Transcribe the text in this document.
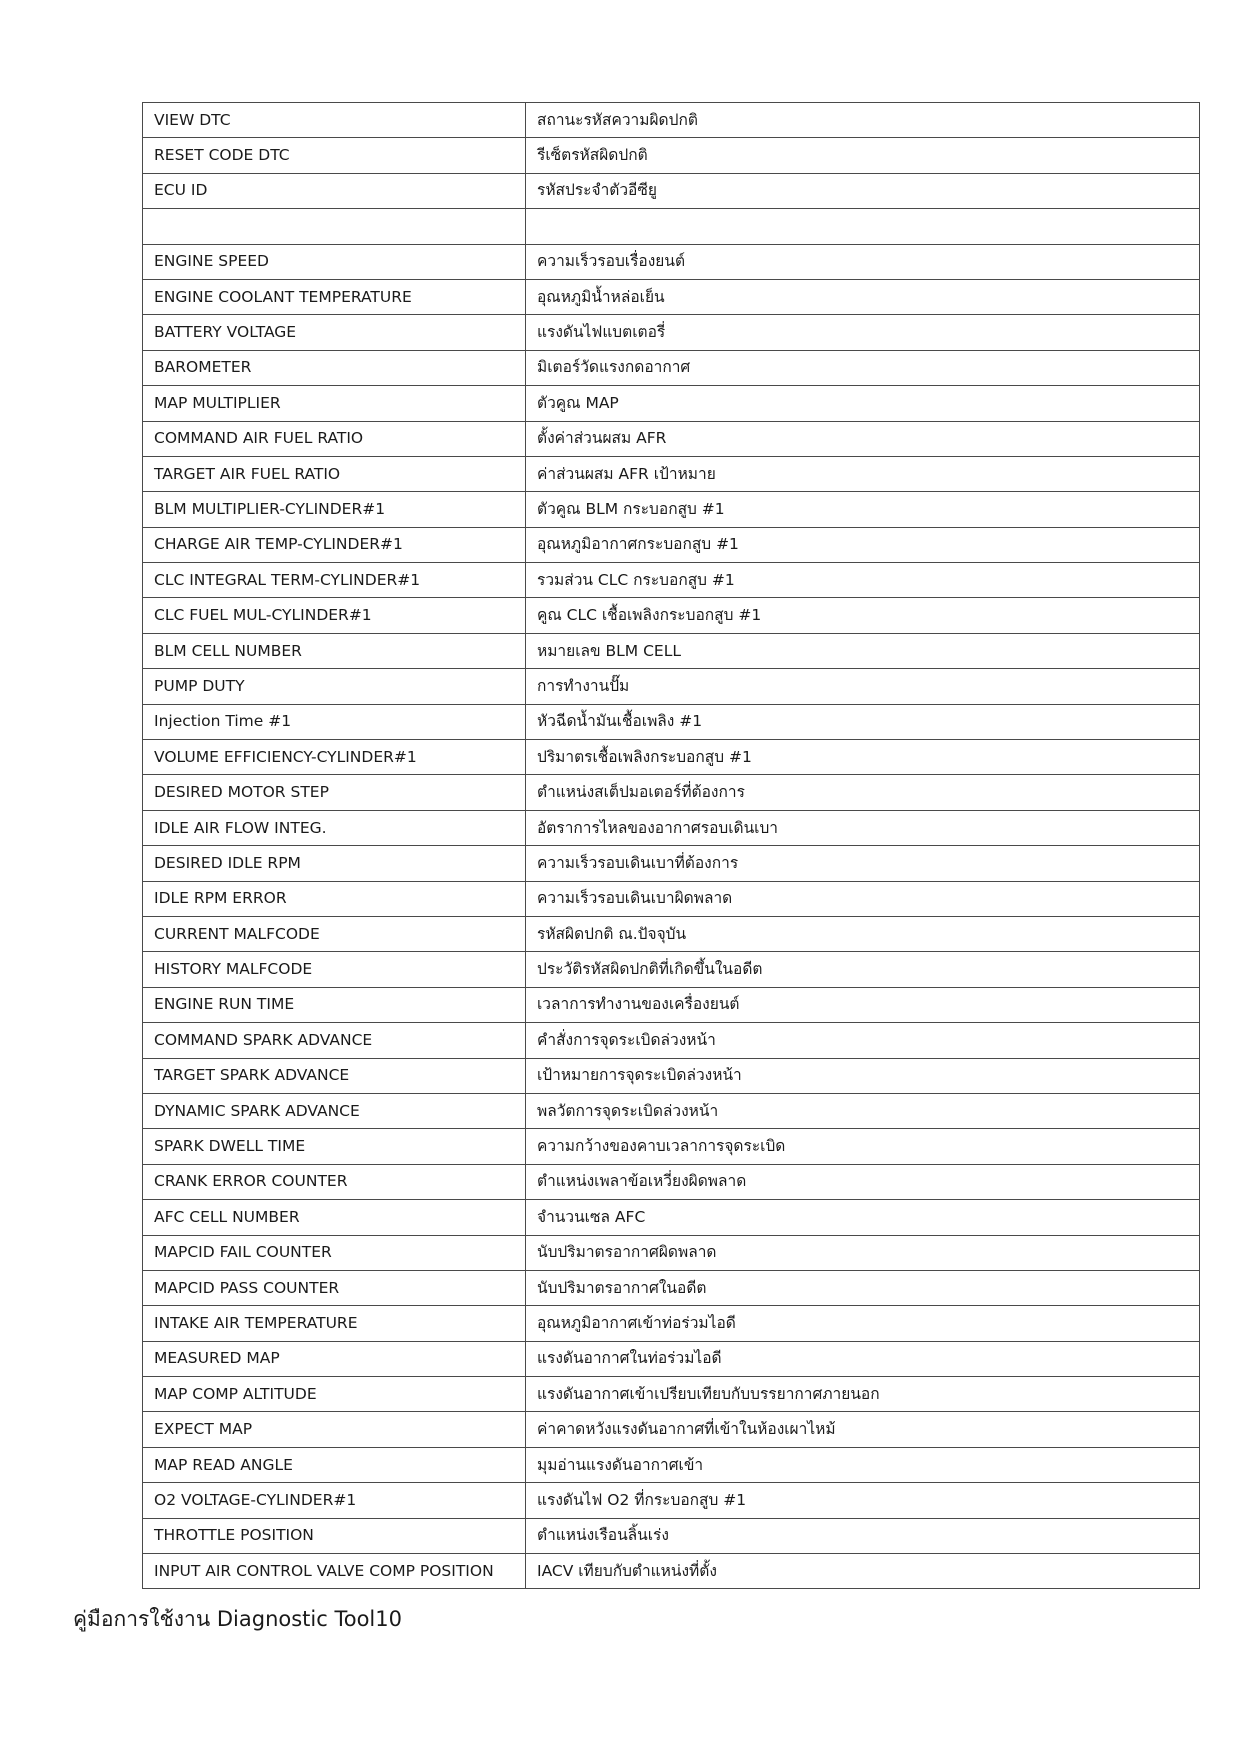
VIEW DTC	สถานะรหัสความผิดปกติ
RESET CODE DTC	รีเซ็ตรหัสผิดปกติ
ECU ID	รหัสประจำตัวอีซียู

ENGINE SPEED	ความเร็วรอบเรื่องยนต์
ENGINE COOLANT TEMPERATURE	อุณหภูมิน้ำหล่อเย็น
BATTERY VOLTAGE	แรงดันไฟแบตเตอรี่
BAROMETER	มิเตอร์วัดแรงกดอากาศ
MAP MULTIPLIER	ตัวคูณ MAP
COMMAND AIR FUEL RATIO	ตั้งค่าส่วนผสม AFR
TARGET AIR FUEL RATIO	ค่าส่วนผสม AFR เป้าหมาย
BLM MULTIPLIER-CYLINDER#1	ตัวคูณ BLM กระบอกสูบ #1
CHARGE AIR TEMP-CYLINDER#1	อุณหภูมิอากาศกระบอกสูบ #1
CLC INTEGRAL TERM-CYLINDER#1	รวมส่วน CLC กระบอกสูบ #1
CLC FUEL MUL-CYLINDER#1	คูณ CLC เชื้อเพลิงกระบอกสูบ #1
BLM CELL NUMBER	หมายเลข BLM CELL
PUMP DUTY	การทำงานปั๊ม
Injection Time #1	หัวฉีดน้ำมันเชื้อเพลิง #1
VOLUME EFFICIENCY-CYLINDER#1	ปริมาตรเชื้อเพลิงกระบอกสูบ #1
DESIRED MOTOR STEP	ตำแหน่งสเต็ปมอเตอร์ที่ต้องการ
IDLE AIR FLOW INTEG.	อัตราการไหลของอากาศรอบเดินเบา
DESIRED IDLE RPM	ความเร็วรอบเดินเบาที่ต้องการ
IDLE RPM ERROR	ความเร็วรอบเดินเบาผิดพลาด
CURRENT MALFCODE	รหัสผิดปกติ ณ.ปัจจุบัน
HISTORY MALFCODE	ประวัติรหัสผิดปกติที่เกิดขึ้นในอดีต
ENGINE RUN TIME	เวลาการทำงานของเครื่องยนต์
COMMAND SPARK ADVANCE	คำสั่งการจุดระเบิดล่วงหน้า
TARGET SPARK ADVANCE	เป้าหมายการจุดระเบิดล่วงหน้า
DYNAMIC SPARK ADVANCE	พลวัตการจุดระเบิดล่วงหน้า
SPARK DWELL TIME	ความกว้างของคาบเวลาการจุดระเบิด
CRANK ERROR COUNTER	ตำแหน่งเพลาข้อเหวี่ยงผิดพลาด
AFC CELL NUMBER	จำนวนเซล AFC
MAPCID FAIL COUNTER	นับปริมาตรอากาศผิดพลาด
MAPCID PASS COUNTER	นับปริมาตรอากาศในอดีต
INTAKE AIR TEMPERATURE	อุณหภูมิอากาศเข้าท่อร่วมไอดี
MEASURED MAP	แรงดันอากาศในท่อร่วมไอดี
MAP COMP ALTITUDE	แรงดันอากาศเข้าเปรียบเทียบกับบรรยากาศภายนอก
EXPECT MAP	ค่าคาดหวังแรงดันอากาศที่เข้าในห้องเผาไหม้
MAP READ ANGLE	มุมอ่านแรงดันอากาศเข้า
O2 VOLTAGE-CYLINDER#1	แรงดันไฟ O2 ที่กระบอกสูบ #1
THROTTLE POSITION	ตำแหน่งเรือนลิ้นเร่ง
INPUT AIR CONTROL VALVE COMP POSITION	IACV เทียบกับตำแหน่งที่ตั้ง
คู่มือการใช้งาน Diagnostic Tool10
